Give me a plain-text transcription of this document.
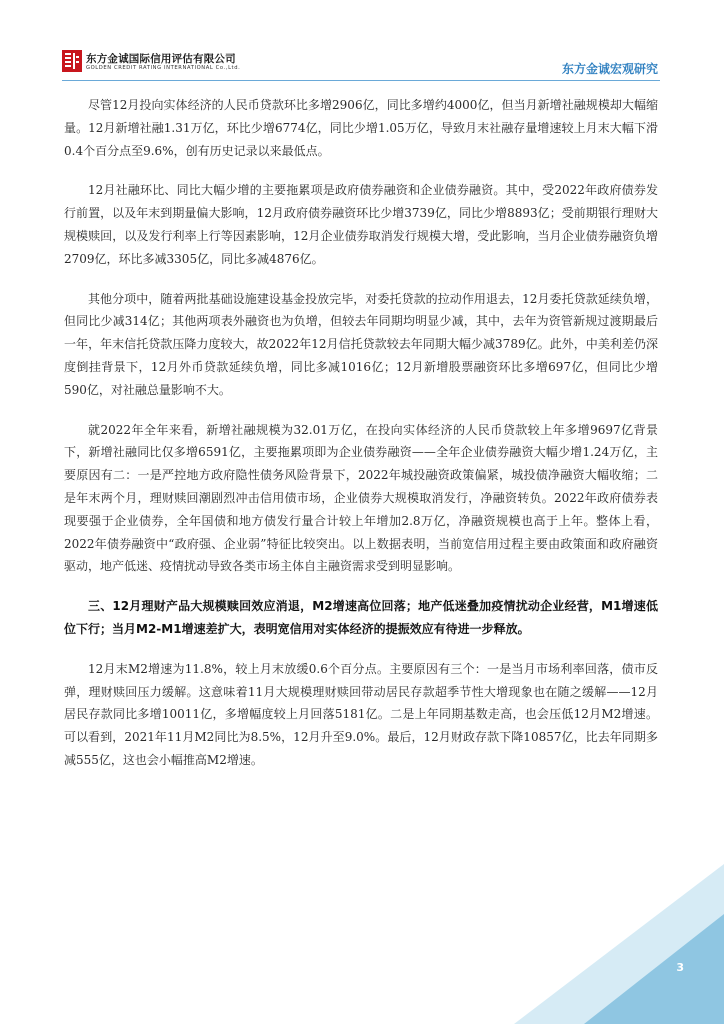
东方金诚国际信用评估有限公司
GOLDEN CREDIT RATING INTERNATIONAL Co.,Ltd.	东方金诚宏观研究

尽管12月投向实体经济的人民币贷款环比多增2906亿，同比多增约4000亿，但当月新增社融规模却大幅缩量。12月新增社融1.31万亿，环比少增6774亿，同比少增1.05万亿，导致月末社融存量增速较上月末大幅下滑0.4个百分点至9.6%，创有历史记录以来最低点。

12月社融环比、同比大幅少增的主要拖累项是政府债券融资和企业债券融资。其中，受2022年政府债券发行前置，以及年末到期量偏大影响，12月政府债券融资环比少增3739亿，同比少增8893亿；受前期银行理财大规模赎回，以及发行利率上行等因素影响，12月企业债券取消发行规模大增，受此影响，当月企业债券融资负增2709亿，环比多减3305亿，同比多减4876亿。

其他分项中，随着两批基础设施建设基金投放完毕，对委托贷款的拉动作用退去，12月委托贷款延续负增，但同比少减314亿；其他两项表外融资也为负增，但较去年同期均明显少减，其中，去年为资管新规过渡期最后一年，年末信托贷款压降力度较大，故2022年12月信托贷款较去年同期大幅少减3789亿。此外，中美利差仍深度倒挂背景下，12月外币贷款延续负增，同比多减1016亿；12月新增股票融资环比多增697亿，但同比少增590亿，对社融总量影响不大。

就2022年全年来看，新增社融规模为32.01万亿，在投向实体经济的人民币贷款较上年多增9697亿背景下，新增社融同比仅多增6591亿，主要拖累项即为企业债券融资——全年企业债券融资大幅少增1.24万亿，主要原因有二：一是严控地方政府隐性债务风险背景下，2022年城投融资政策偏紧，城投债净融资大幅收缩；二是年末两个月，理财赎回潮剧烈冲击信用债市场，企业债券大规模取消发行，净融资转负。2022年政府债券表现要强于企业债券，全年国债和地方债发行量合计较上年增加2.8万亿，净融资规模也高于上年。整体上看，2022年债券融资中“政府强、企业弱”特征比较突出。以上数据表明，当前宽信用过程主要由政策面和政府融资驱动，地产低迷、疫情扰动导致各类市场主体自主融资需求受到明显影响。

三、12月理财产品大规模赎回效应消退，M2增速高位回落；地产低迷叠加疫情扰动企业经营，M1增速低位下行；当月M2-M1增速差扩大，表明宽信用对实体经济的提振效应有待进一步释放。

12月末M2增速为11.8%，较上月末放缓0.6个百分点。主要原因有三个：一是当月市场利率回落，债市反弹，理财赎回压力缓解。这意味着11月大规模理财赎回带动居民存款超季节性大增现象也在随之缓解——12月居民存款同比多增10011亿，多增幅度较上月回落5181亿。二是上年同期基数走高，也会压低12月M2增速。可以看到，2021年11月M2同比为8.5%，12月升至9.0%。最后，12月财政存款下降10857亿，比去年同期多减555亿，这也会小幅推高M2增速。

3
